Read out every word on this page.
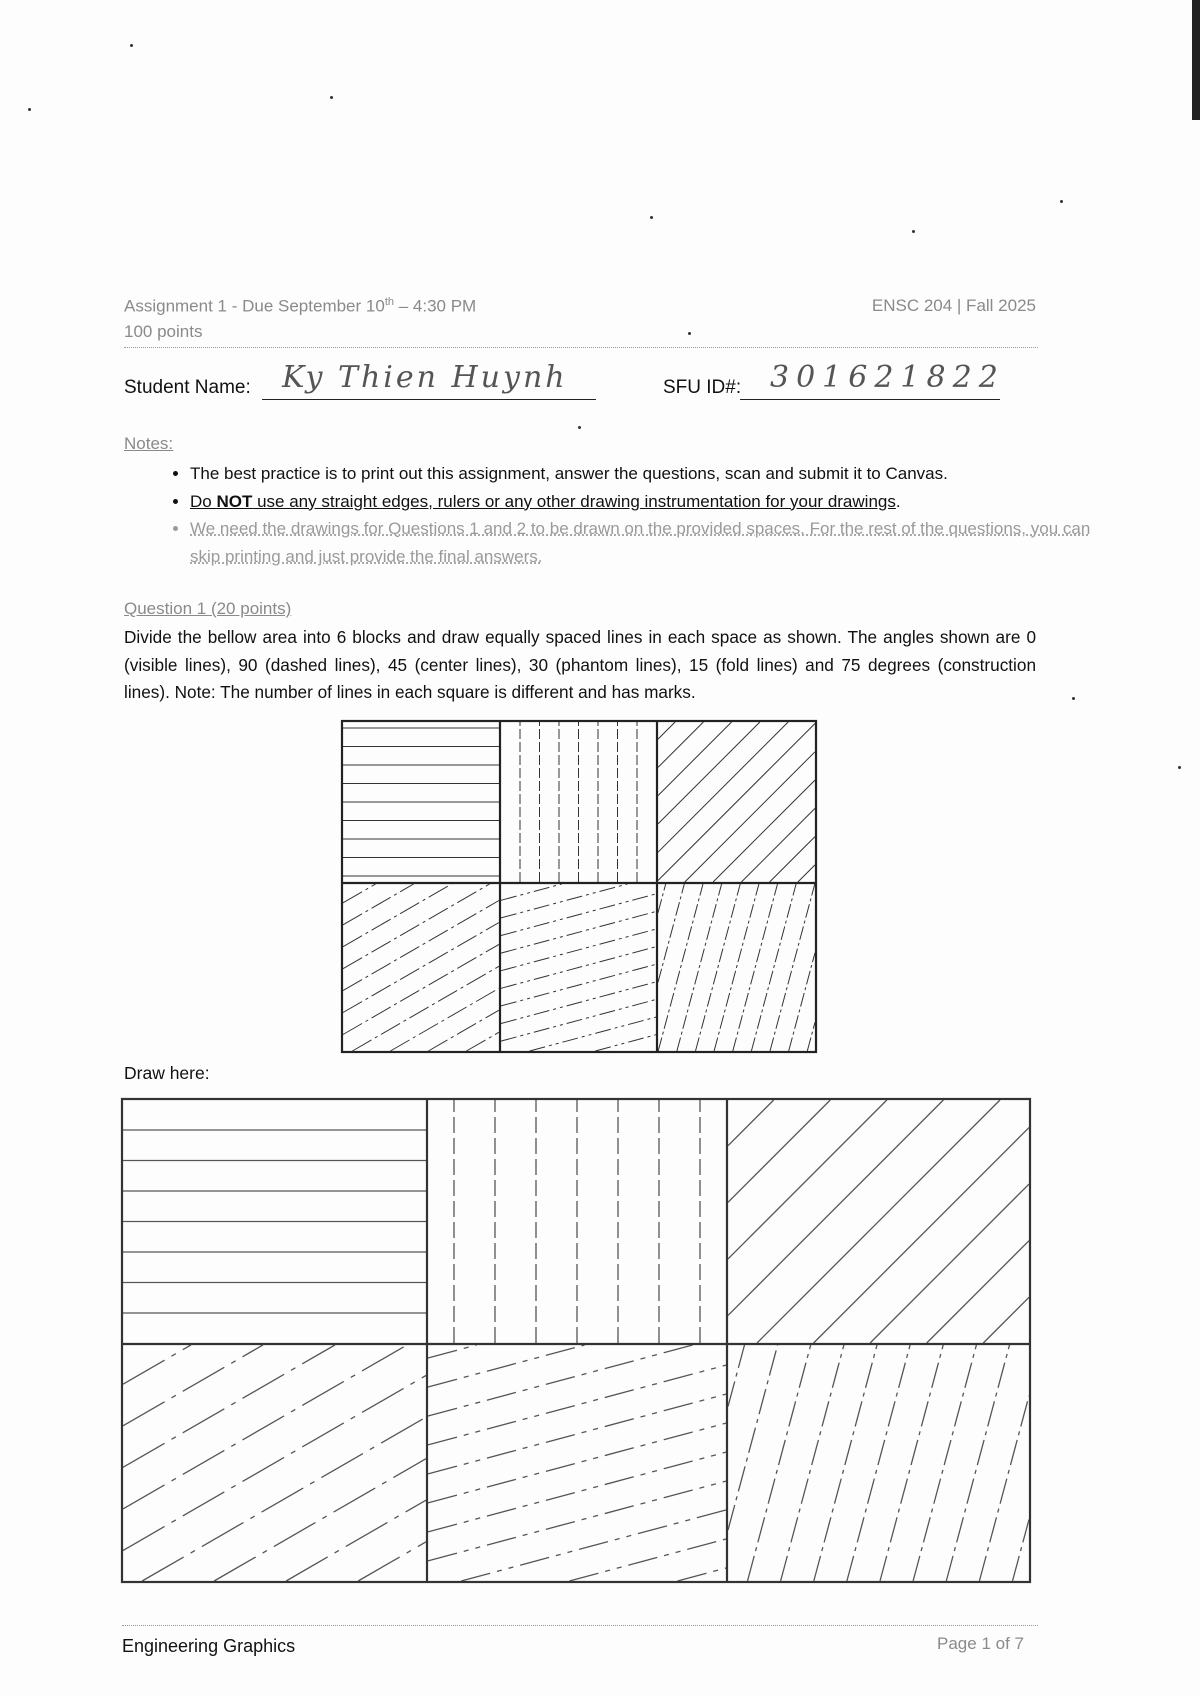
Assignment 1 - Due September 10th – 4:30 PM
100 points
ENSC 204 | Fall 2025
Student Name: Ky Thien Huynh	SFU ID#: 301621822
Notes:
• The best practice is to print out this assignment, answer the questions, scan and submit it to Canvas.
• Do NOT use any straight edges, rulers or any other drawing instrumentation for your drawings.
• We need the drawings for Questions 1 and 2 to be drawn on the provided spaces. For the rest of the questions, you can skip printing and just provide the final answers.
Question 1 (20 points)
Divide the bellow area into 6 blocks and draw equally spaced lines in each space as shown. The angles shown are 0 (visible lines), 90 (dashed lines), 45 (center lines), 30 (phantom lines), 15 (fold lines) and 75 degrees (construction lines). Note: The number of lines in each square is different and has marks.
Draw here:
Engineering Graphics	Page 1 of 7
